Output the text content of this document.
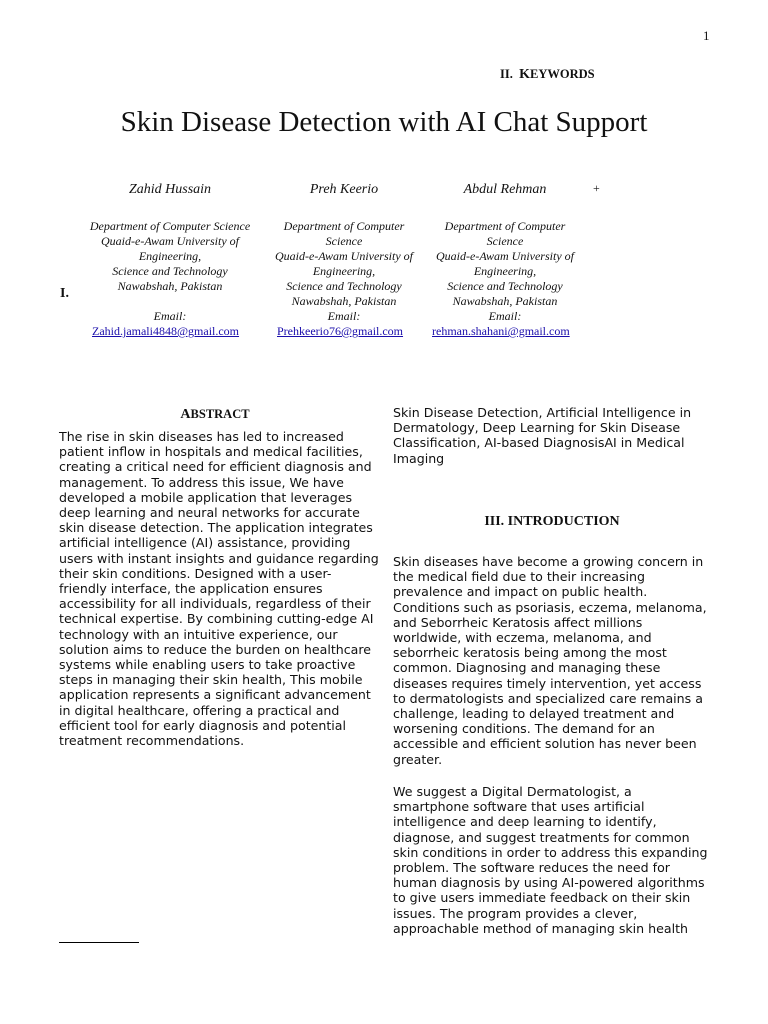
1
II. KEYWORDS
Skin Disease Detection with AI Chat Support
Zahid Hussain
Department of Computer Science
Quaid-e-Awam University of Engineering,
Science and Technology
Nawabshah, Pakistan
Email:
Zahid.jamali4848@gmail.com
Preh Keerio
Department of Computer
Science
Quaid-e-Awam University of
Engineering,
Science and Technology
Nawabshah, Pakistan
Email:
Prehkeerio76@gmail.com
Abdul Rehman	+
Department of Computer
Science
Quaid-e-Awam University of
Engineering,
Science and Technology
Nawabshah, Pakistan
Email:
rehman.shahani@gmail.com
I.
ABSTRACT
The rise in skin diseases has led to increased patient inflow in hospitals and medical facilities, creating a critical need for efficient diagnosis and management. To address this issue, We have developed a mobile application that leverages deep learning and neural networks for accurate skin disease detection. The application integrates artificial intelligence (AI) assistance, providing users with instant insights and guidance regarding their skin conditions. Designed with a user-friendly interface, the application ensures accessibility for all individuals, regardless of their technical expertise. By combining cutting-edge AI technology with an intuitive experience, our solution aims to reduce the burden on healthcare systems while enabling users to take proactive steps in managing their skin health, This mobile application represents a significant advancement in digital healthcare, offering a practical and efficient tool for early diagnosis and potential treatment recommendations.
Skin Disease Detection, Artificial Intelligence in Dermatology, Deep Learning for Skin Disease Classification, AI-based DiagnosisAI in Medical Imaging
III. INTRODUCTION
Skin diseases have become a growing concern in the medical field due to their increasing prevalence and impact on public health. Conditions such as psoriasis, eczema, melanoma, and Seborrheic Keratosis affect millions worldwide, with eczema, melanoma, and seborrheic keratosis being among the most common. Diagnosing and managing these diseases requires timely intervention, yet access to dermatologists and specialized care remains a challenge, leading to delayed treatment and worsening conditions. The demand for an accessible and efficient solution has never been greater.
We suggest a Digital Dermatologist, a smartphone software that uses artificial intelligence and deep learning to identify, diagnose, and suggest treatments for common skin conditions in order to address this expanding problem. The software reduces the need for human diagnosis by using AI-powered algorithms to give users immediate feedback on their skin issues. The program provides a clever, approachable method of managing skin health
